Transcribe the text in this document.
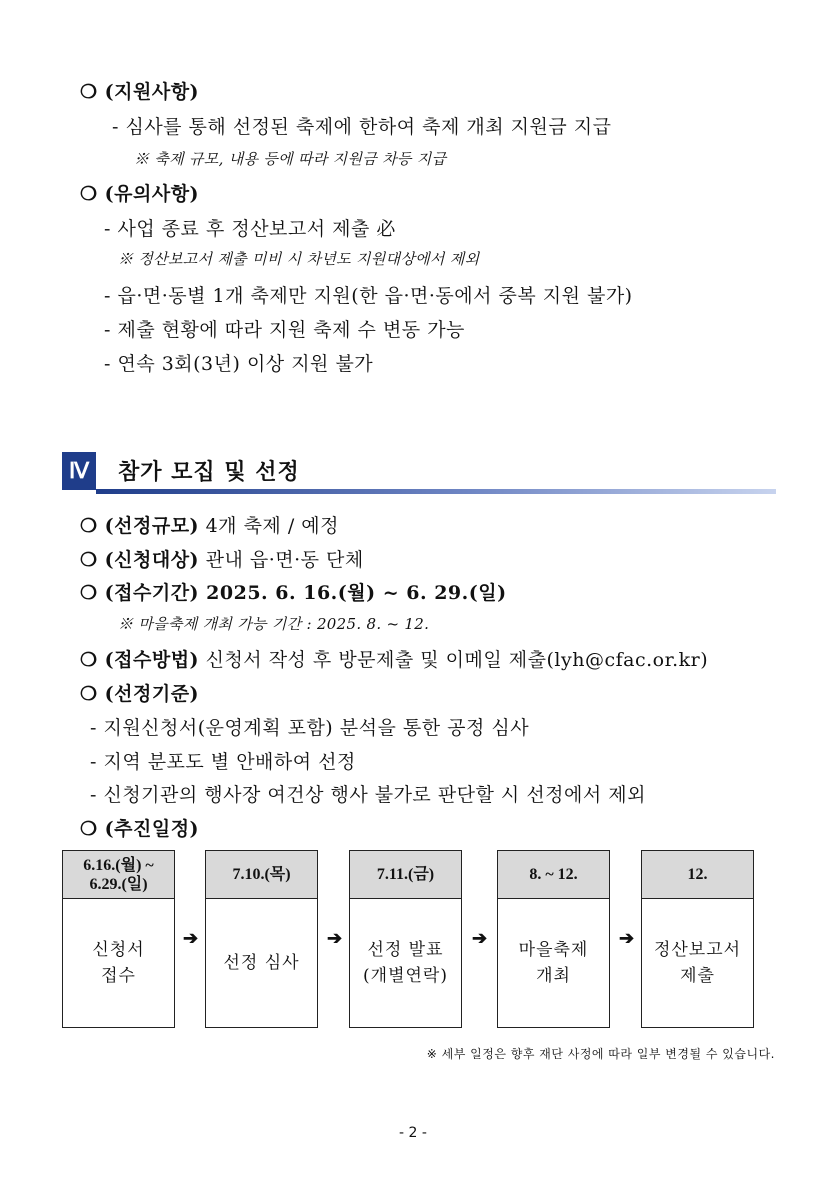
❍ (지원사항)
- 심사를 통해 선정된 축제에 한하여 축제 개최 지원금 지급
※ 축제 규모, 내용 등에 따라 지원금 차등 지급
❍ (유의사항)
- 사업 종료 후 정산보고서 제출 必
※ 정산보고서 제출 미비 시 차년도 지원대상에서 제외
- 읍·면·동별 1개 축제만 지원(한 읍·면·동에서 중복 지원 불가)
- 제출 현황에 따라 지원 축제 수 변동 가능
- 연속 3회(3년) 이상 지원 불가
Ⅳ	참가 모집 및 선정
❍ (선정규모) 4개 축제 / 예정
❍ (신청대상) 관내 읍·면·동 단체
❍ (접수기간) 2025. 6. 16.(월) ~ 6. 29.(일)
※ 마을축제 개최 가능 기간 : 2025. 8. ~ 12.
❍ (접수방법) 신청서 작성 후 방문제출 및 이메일 제출(lyh@cfac.or.kr)
❍ (선정기준)
- 지원신청서(운영계획 포함) 분석을 통한 공정 심사
- 지역 분포도 별 안배하여 선정
- 신청기관의 행사장 여건상 행사 불가로 판단할 시 선정에서 제외
❍ (추진일정)
6.16.(월) ~
6.29.(일)
신청서
접수
➔
7.10.(목)
선정 심사
➔
7.11.(금)
선정 발표
(개별연락)
➔
8. ~ 12.
마을축제
개최
➔
12.
정산보고서
제출
※ 세부 일정은 향후 재단 사정에 따라 일부 변경될 수 있습니다.
- 2 -
